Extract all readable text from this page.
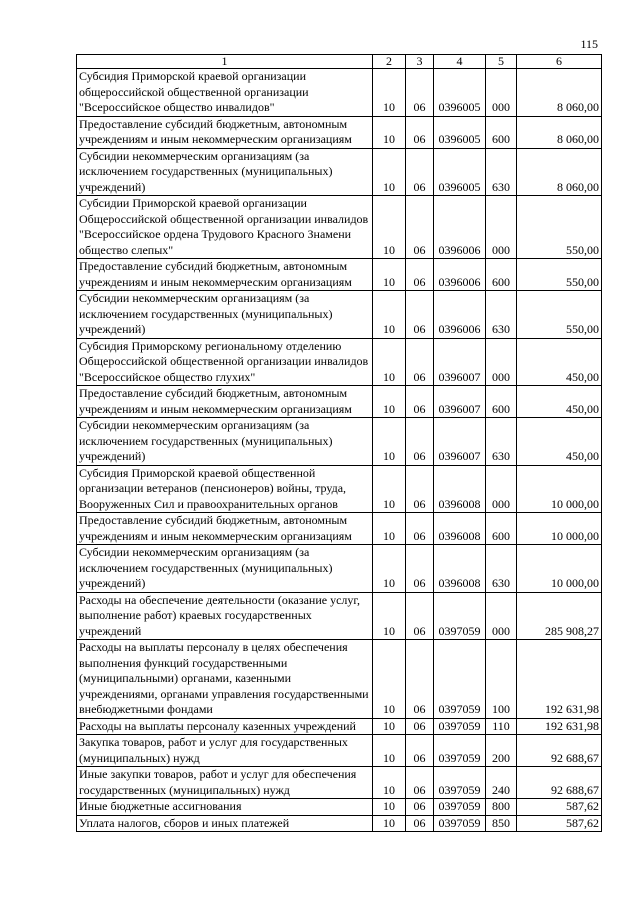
115
1	2	3	4	5	6
Субсидия Приморской краевой организации общероссийской общественной организации "Всероссийское общество инвалидов"	10	06	0396005	000	8 060,00
Предоставление субсидий бюджетным, автономным учреждениям и иным некоммерческим организациям	10	06	0396005	600	8 060,00
Субсидии некоммерческим организациям (за исключением государственных (муниципальных) учреждений)	10	06	0396005	630	8 060,00
Субсидии Приморской краевой организации Общероссийской общественной организации инвалидов "Всероссийское ордена Трудового Красного Знамени общество слепых"	10	06	0396006	000	550,00
Предоставление субсидий бюджетным, автономным учреждениям и иным некоммерческим организациям	10	06	0396006	600	550,00
Субсидии некоммерческим организациям (за исключением государственных (муниципальных) учреждений)	10	06	0396006	630	550,00
Субсидия Приморскому региональному отделению Общероссийской общественной организации инвалидов "Всероссийское общество глухих"	10	06	0396007	000	450,00
Предоставление субсидий бюджетным, автономным учреждениям и иным некоммерческим организациям	10	06	0396007	600	450,00
Субсидии некоммерческим организациям (за исключением государственных (муниципальных) учреждений)	10	06	0396007	630	450,00
Субсидия Приморской краевой общественной организации ветеранов (пенсионеров) войны, труда, Вооруженных Сил и правоохранительных органов	10	06	0396008	000	10 000,00
Предоставление субсидий бюджетным, автономным учреждениям и иным некоммерческим организациям	10	06	0396008	600	10 000,00
Субсидии некоммерческим организациям (за исключением государственных (муниципальных) учреждений)	10	06	0396008	630	10 000,00
Расходы на обеспечение деятельности (оказание услуг, выполнение работ) краевых государственных учреждений	10	06	0397059	000	285 908,27
Расходы на выплаты персоналу в целях обеспечения выполнения функций государственными (муниципальными) органами, казенными учреждениями, органами управления государственными внебюджетными фондами	10	06	0397059	100	192 631,98
Расходы на выплаты персоналу казенных учреждений	10	06	0397059	110	192 631,98
Закупка товаров, работ и услуг для государственных (муниципальных) нужд	10	06	0397059	200	92 688,67
Иные закупки товаров, работ и услуг для обеспечения государственных (муниципальных) нужд	10	06	0397059	240	92 688,67
Иные бюджетные ассигнования	10	06	0397059	800	587,62
Уплата налогов, сборов и иных платежей	10	06	0397059	850	587,62
